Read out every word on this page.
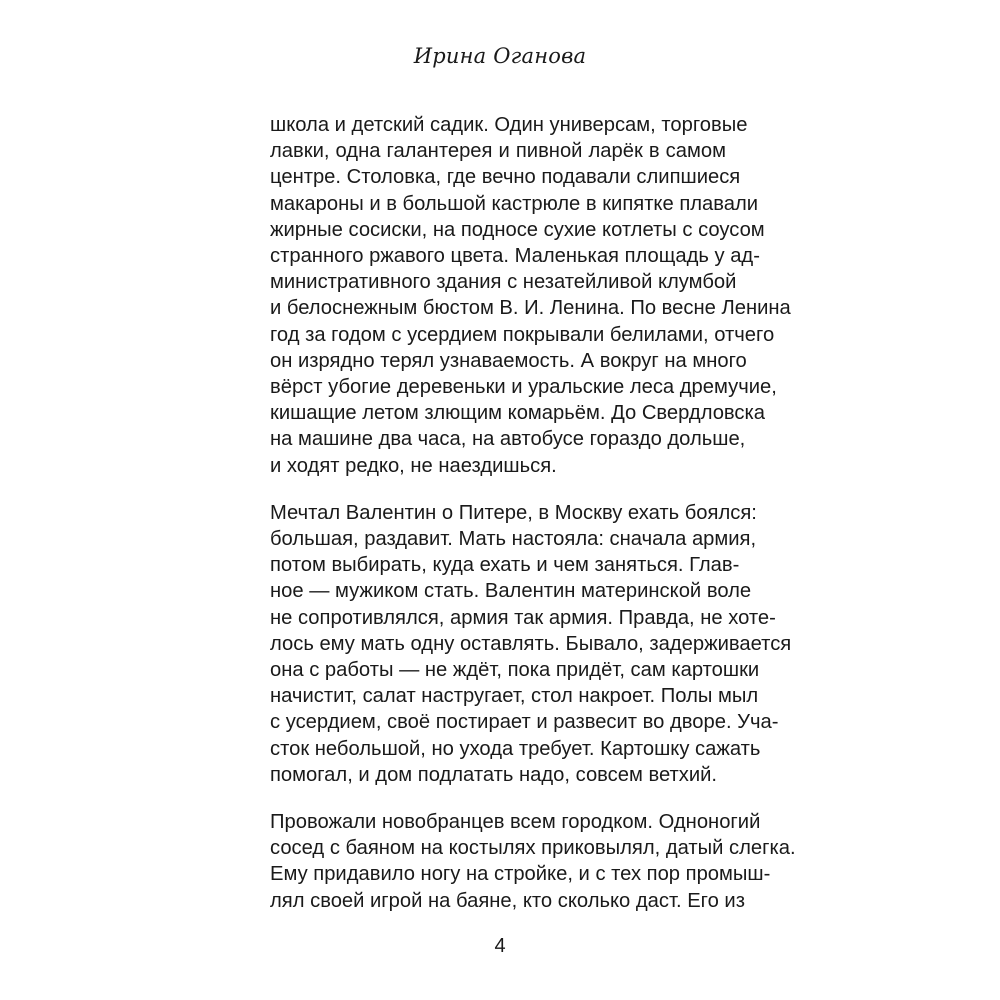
Ирина Оганова

школа и детский садик. Один универсам, торговые
лавки, одна галантерея и пивной ларёк в самом
центре. Столовка, где вечно подавали слипшиеся
макароны и в большой кастрюле в кипятке плавали
жирные сосиски, на подносе сухие котлеты с соусом
странного ржавого цвета. Маленькая площадь у ад-
министративного здания с незатейливой клумбой
и белоснежным бюстом В. И. Ленина. По весне Ленина
год за годом с усердием покрывали белилами, отчего
он изрядно терял узнаваемость. А вокруг на много
вёрст убогие деревеньки и уральские леса дремучие,
кишащие летом злющим комарьём. До Свердловска
на машине два часа, на автобусе гораздо дольше,
и ходят редко, не наездишься.

Мечтал Валентин о Питере, в Москву ехать боялся:
большая, раздавит. Мать настояла: сначала армия,
потом выбирать, куда ехать и чем заняться. Глав-
ное — мужиком стать. Валентин материнской воле
не сопротивлялся, армия так армия. Правда, не хоте-
лось ему мать одну оставлять. Бывало, задерживается
она с работы — не ждёт, пока придёт, сам картошки
начистит, салат настругает, стол накроет. Полы мыл
с усердием, своё постирает и развесит во дворе. Уча-
сток небольшой, но ухода требует. Картошку сажать
помогал, и дом подлатать надо, совсем ветхий.

Провожали новобранцев всем городком. Одноногий
сосед с баяном на костылях приковылял, датый слегка.
Ему придавило ногу на стройке, и с тех пор промыш-
лял своей игрой на баяне, кто сколько даст. Его из

4
